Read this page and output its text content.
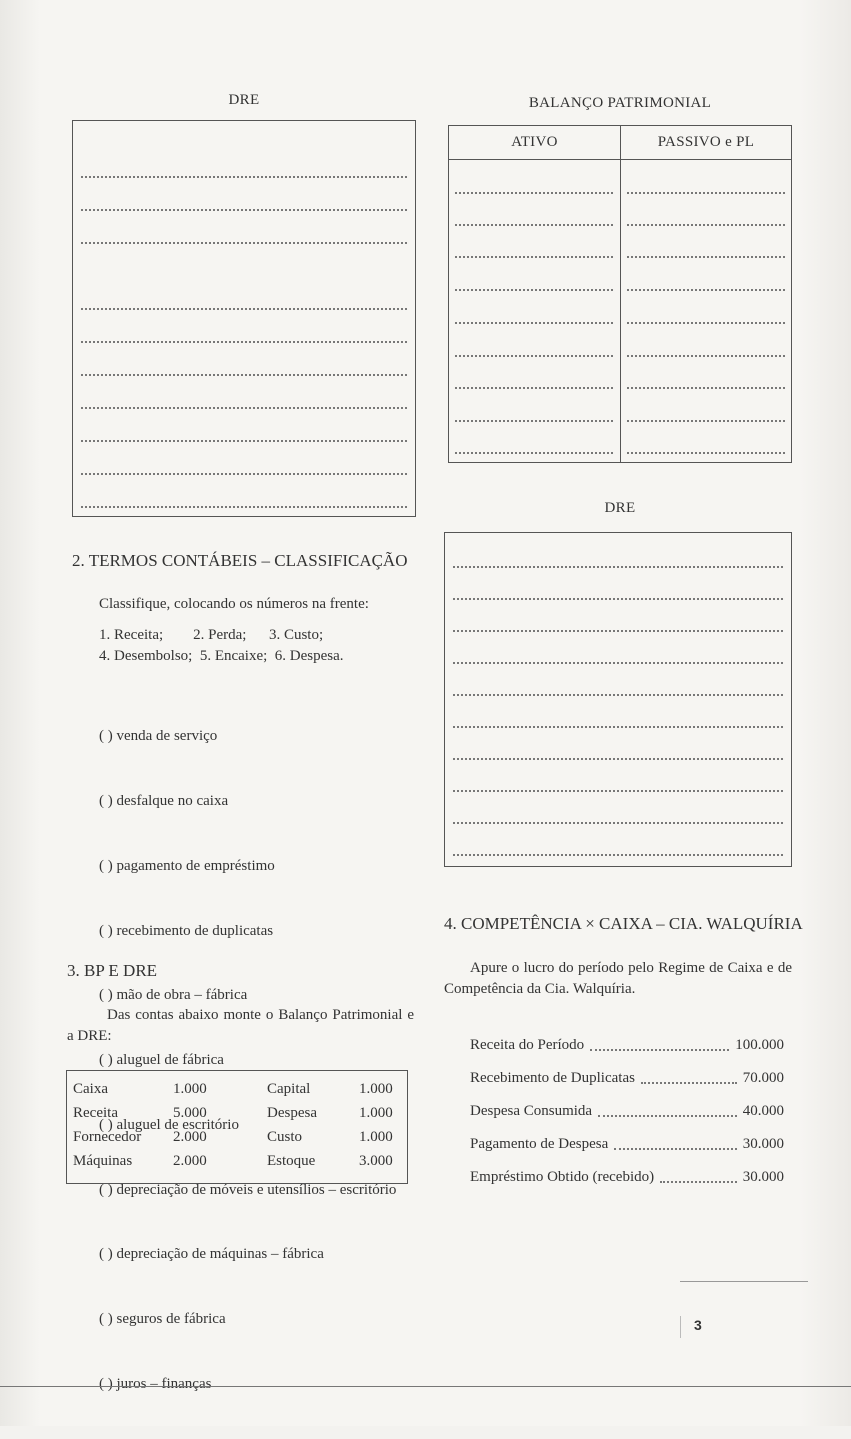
DRE	BALANÇO PATRIMONIAL
ATIVO	PASSIVO e PL
DRE
2. TERMOS CONTÁBEIS – CLASSIFICAÇÃO
Classifique, colocando os números na frente:
1. Receita;        2. Perda;      3. Custo;
4. Desembolso;  5. Encaixe;  6. Despesa.

( ) venda de serviço

( ) desfalque no caixa

( ) pagamento de empréstimo

( ) recebimento de duplicatas

( ) mão de obra – fábrica

( ) aluguel de fábrica

( ) aluguel de escritório

( ) depreciação de móveis e utensílios – escritório

( ) depreciação de máquinas – fábrica

( ) seguros de fábrica

( ) juros – finanças

3. BP E DRE
Das contas abaixo monte o Balanço Patrimonial e a DRE:
Caixa	1.000	Capital	1.000
Receita	5.000	Despesa	1.000
Fornecedor	2.000	Custo	1.000
Máquinas	2.000	Estoque	3.000
4. COMPETÊNCIA × CAIXA – CIA. WALQUÍRIA
Apure o lucro do período pelo Regime de Caixa e de Competência da Cia. Walquíria.
Receita do Período	100.000
Recebimento de Duplicatas	70.000
Despesa Consumida	40.000
Pagamento de Despesa	30.000
Empréstimo Obtido (recebido)	30.000
3
